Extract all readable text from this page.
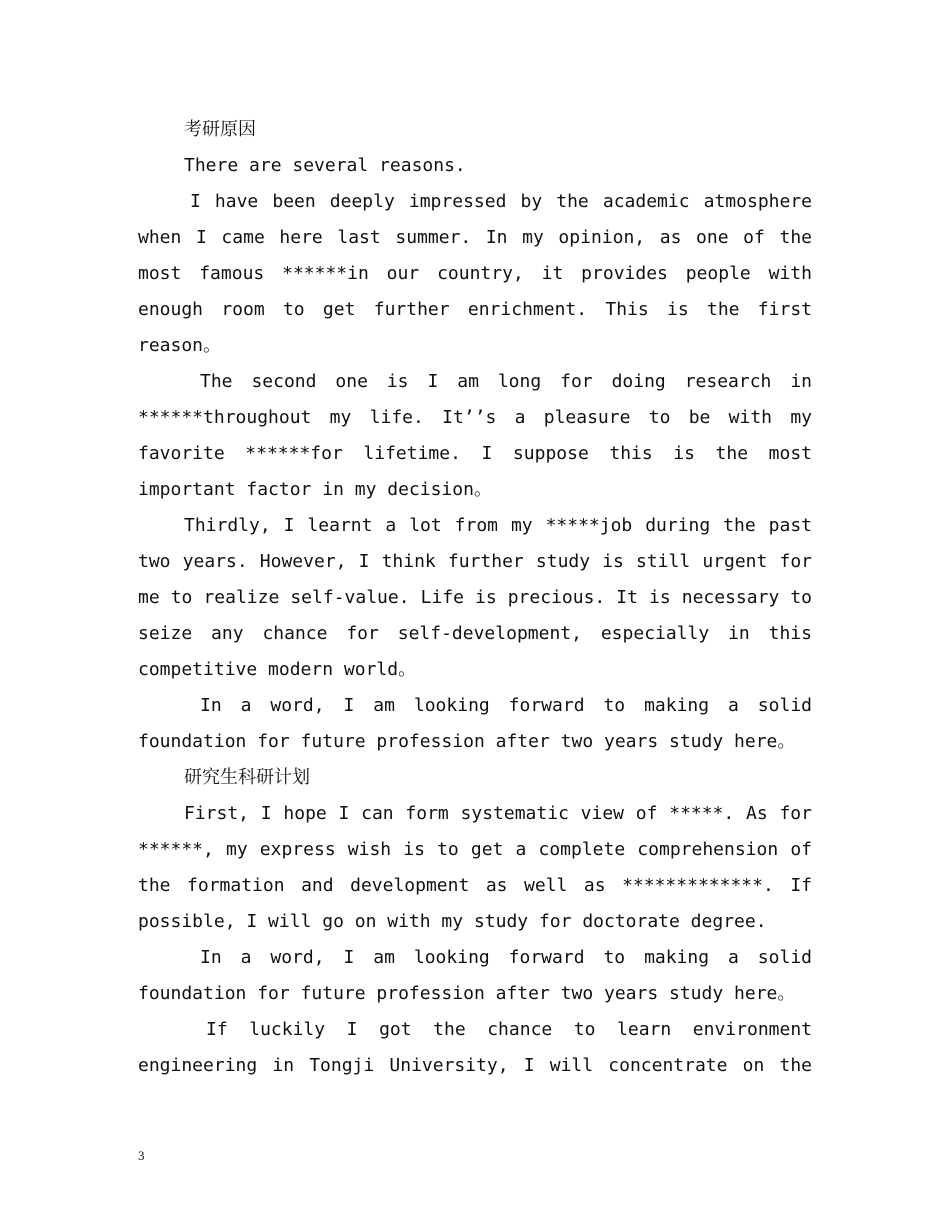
考研原因
There are several reasons.
I have been deeply impressed by the academic atmosphere
when I came here last summer. In my opinion, as one of the
most famous ******in our country, it provides people with
enough room to get further enrichment. This is the first
reason。
The second one is I am long for doing research in
******throughout my life. It’’s a pleasure to be with my
favorite ******for lifetime. I suppose this is the most
important factor in my decision。
Thirdly, I learnt a lot from my *****job during the past
two years. However, I think further study is still urgent for
me to realize self-value. Life is precious. It is necessary to
seize any chance for self-development, especially in this
competitive modern world。
In a word, I am looking forward to making a solid
foundation for future profession after two years study here。
研究生科研计划
First, I hope I can form systematic view of *****. As for
******, my express wish is to get a complete comprehension of
the formation and development as well as *************. If
possible, I will go on with my study for doctorate degree.
In a word, I am looking forward to making a solid
foundation for future profession after two years study here。
If luckily I got the chance to learn environment
engineering in Tongji University, I will concentrate on the
3
